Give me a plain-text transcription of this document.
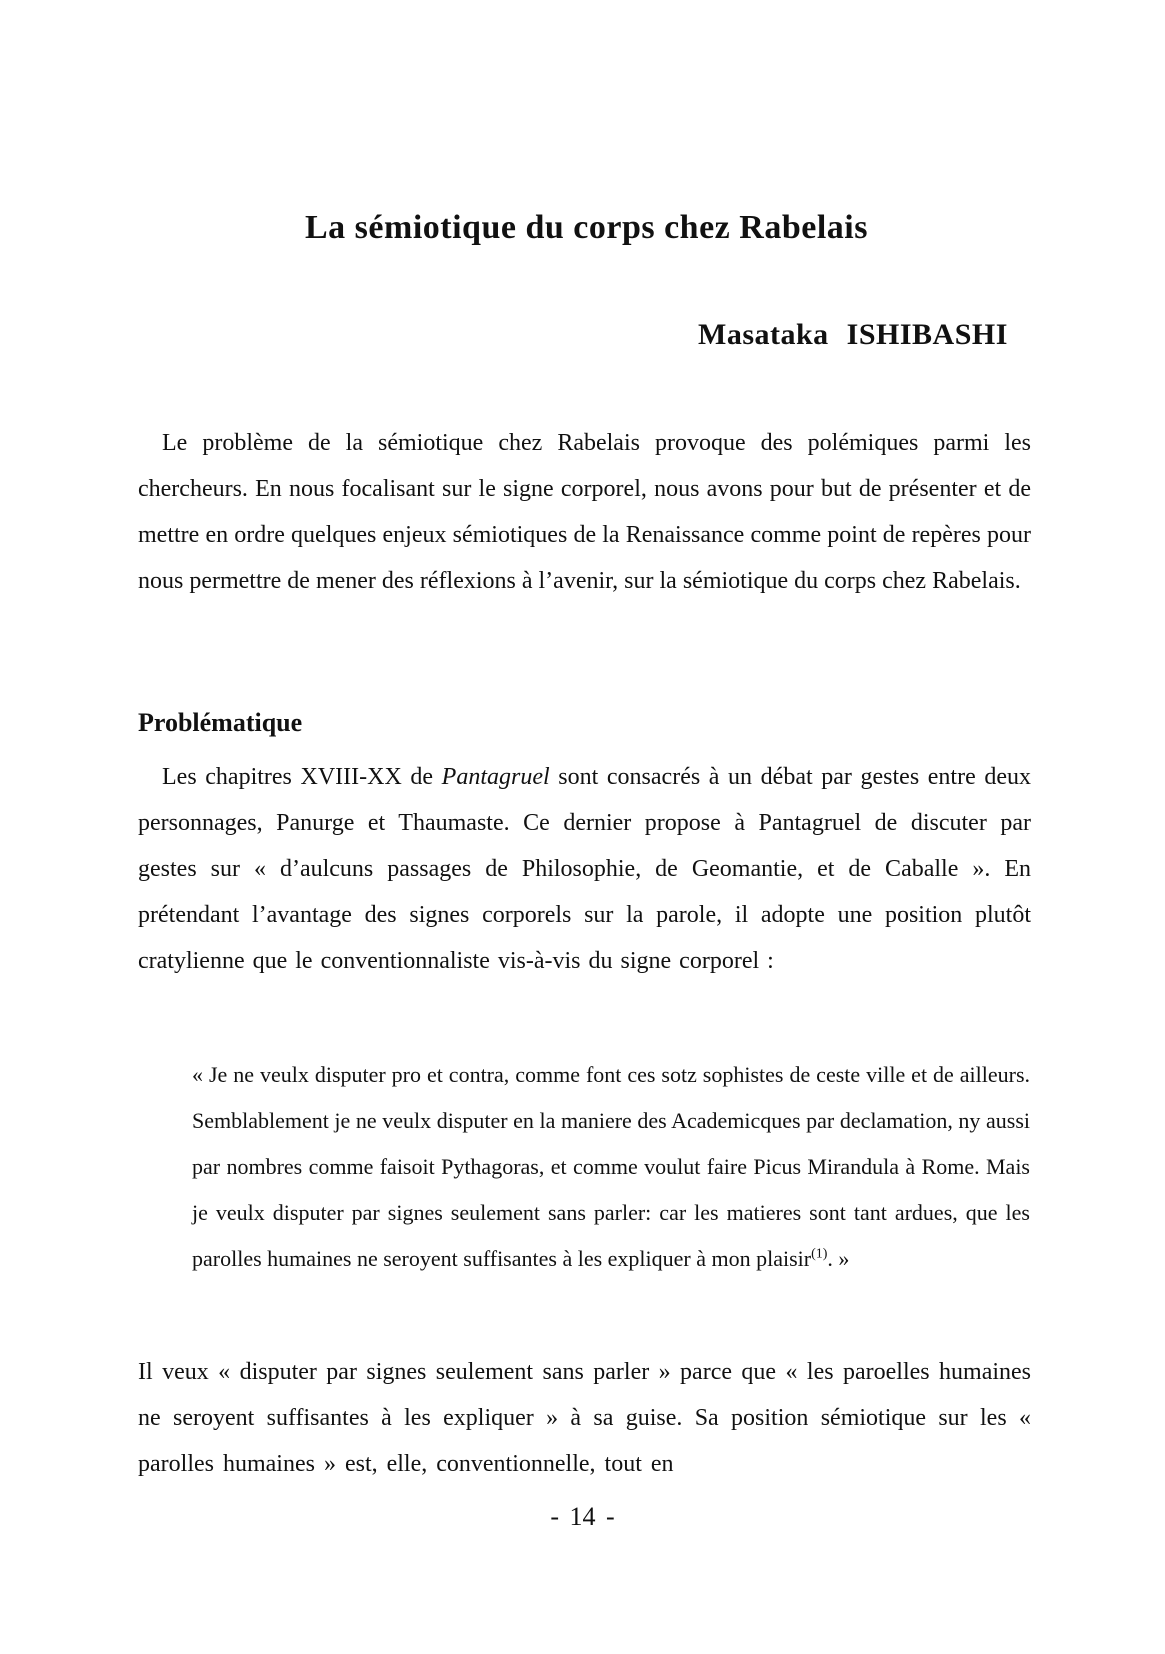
La sémiotique du corps chez Rabelais
Masataka ISHIBASHI

Le problème de la sémiotique chez Rabelais provoque des polémiques parmi les chercheurs. En nous focalisant sur le signe corporel, nous avons pour but de présenter et de mettre en ordre quelques enjeux sémiotiques de la Renaissance comme point de repères pour nous permettre de mener des réflexions à l’avenir, sur la sémiotique du corps chez Rabelais.

Problématique

Les chapitres XVIII-XX de Pantagruel sont consacrés à un débat par gestes entre deux personnages, Panurge et Thaumaste. Ce dernier propose à Pantagruel de discuter par gestes sur « d’aulcuns passages de Philosophie, de Geomantie, et de Caballe ». En prétendant l’avantage des signes corporels sur la parole, il adopte une position plutôt cratylienne que le conventionnaliste vis-à-vis du signe corporel :

« Je ne veulx disputer pro et contra, comme font ces sotz sophistes de ceste ville et de ailleurs. Semblablement je ne veulx disputer en la maniere des Academicques par declamation, ny aussi par nombres comme faisoit Pythagoras, et comme voulut faire Picus Mirandula à Rome. Mais je veulx disputer par signes seulement sans parler: car les matieres sont tant ardues, que les parolles humaines ne seroyent suffisantes à les expliquer à mon plaisir$^{(1)}$. »

Il veux « disputer par signes seulement sans parler » parce que « les paroelles humaines ne seroyent suffisantes à les expliquer » à sa guise. Sa position sémiotique sur les « parolles humaines » est, elle, conventionnelle, tout en

- 14 -
